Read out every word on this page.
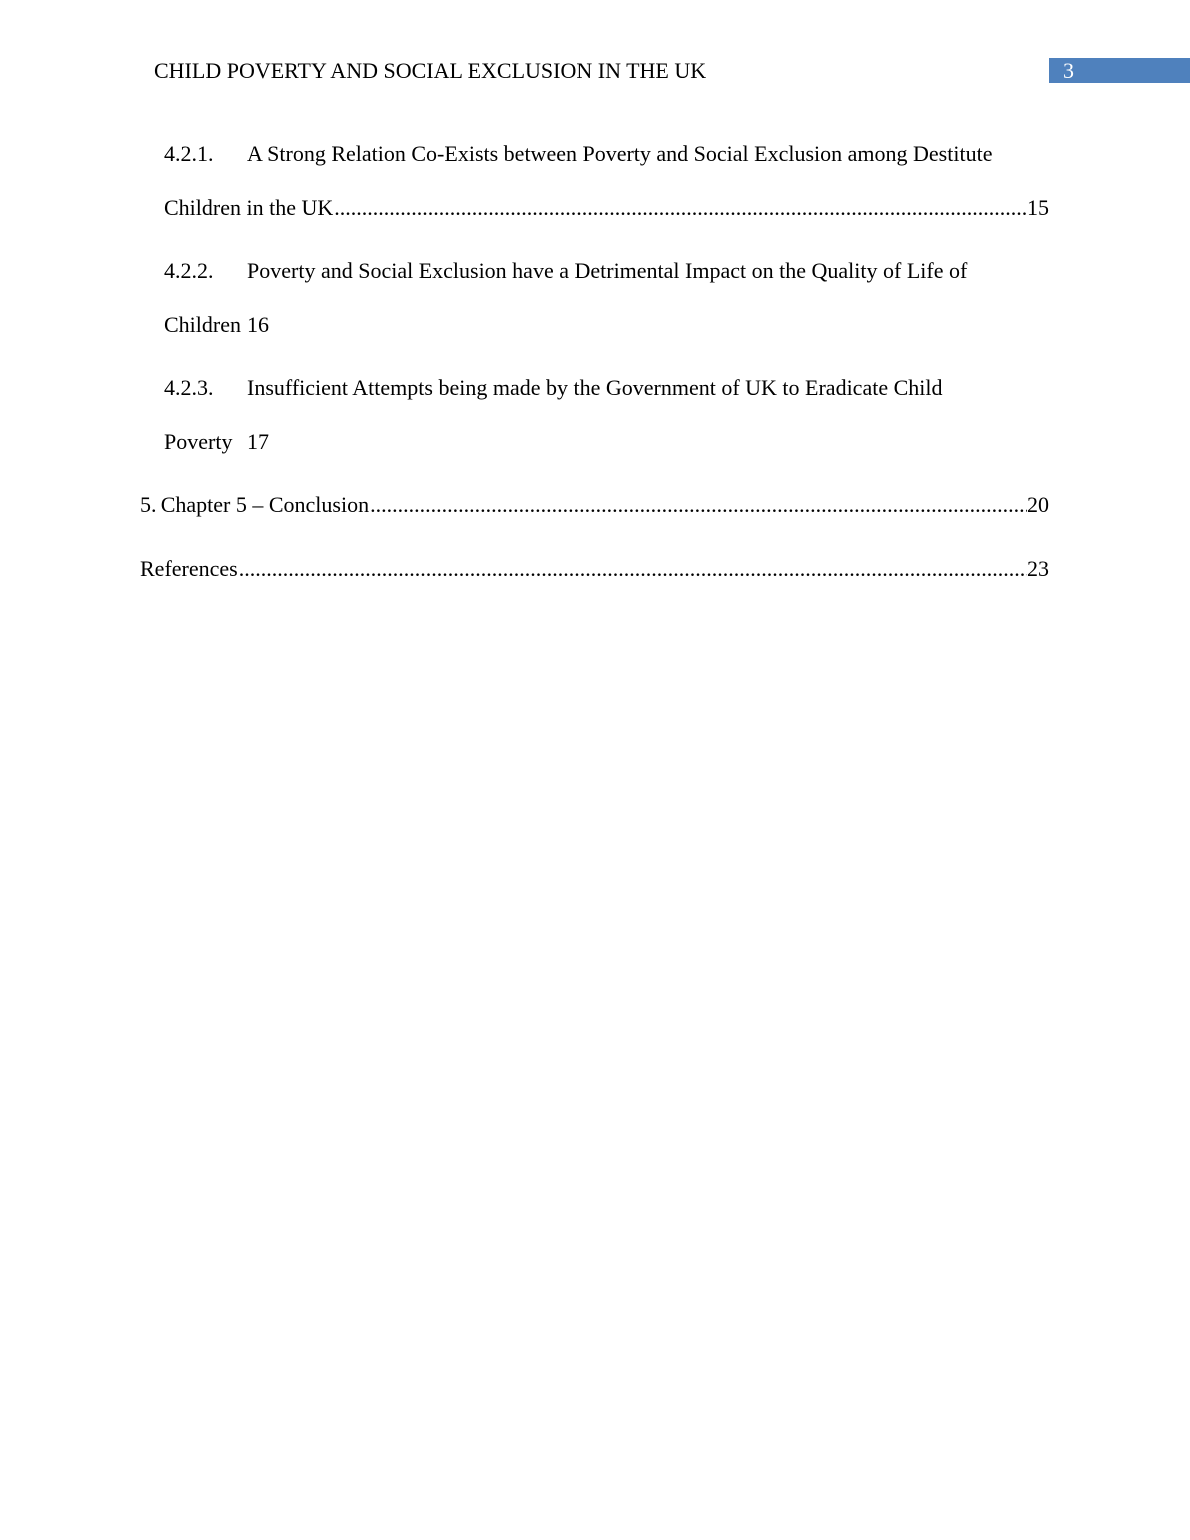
CHILD POVERTY AND SOCIAL EXCLUSION IN THE UK	3
4.2.1. A Strong Relation Co-Exists between Poverty and Social Exclusion among Destitute
Children in the UK .....	15
4.2.2. Poverty and Social Exclusion have a Detrimental Impact on the Quality of Life of
Children 16
4.2.3. Insufficient Attempts being made by the Government of UK to Eradicate Child
Poverty 17
5. Chapter 5 – Conclusion .....	20
References .....	23
